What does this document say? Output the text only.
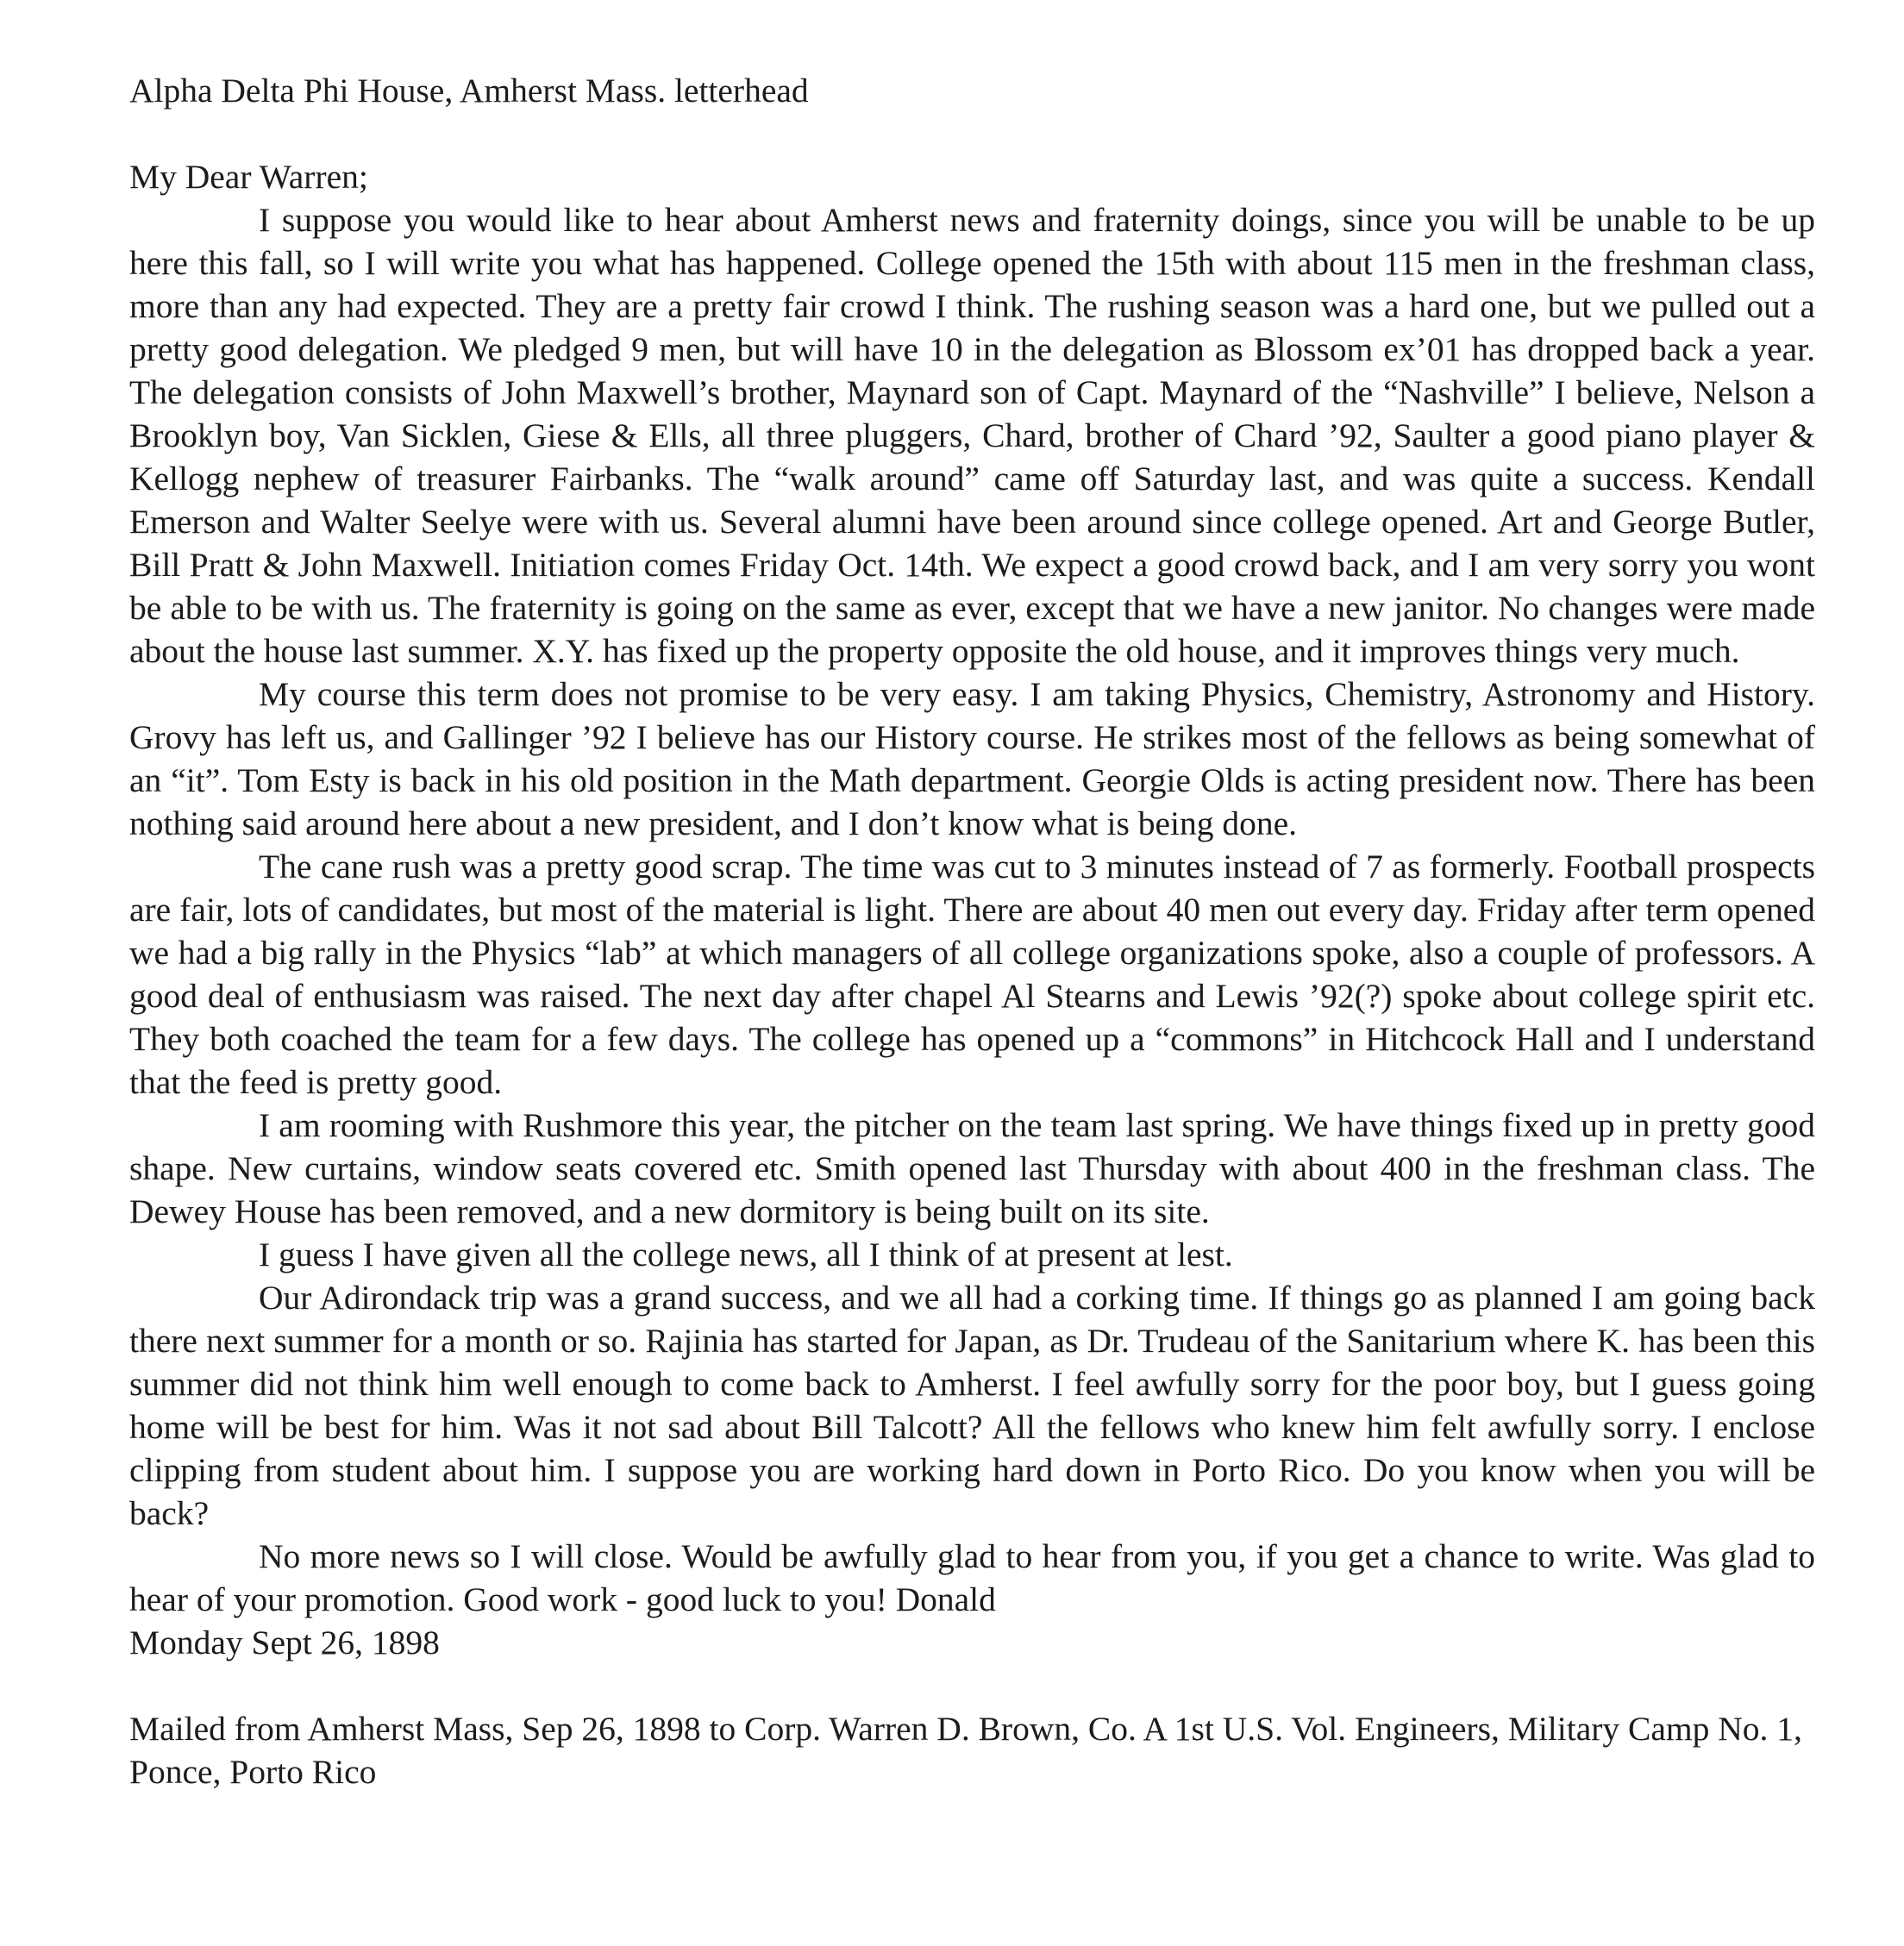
Alpha Delta Phi House, Amherst Mass. letterhead

My Dear Warren;

I suppose you would like to hear about Amherst news and fraternity doings, since you will be unable to be up here this fall, so I will write you what has happened. College opened the 15th with about 115 men in the freshman class, more than any had expected. They are a pretty fair crowd I think. The rushing season was a hard one, but we pulled out a pretty good delegation. We pledged 9 men, but will have 10 in the delegation as Blossom ex’01 has dropped back a year. The delegation consists of John Maxwell’s brother, Maynard son of Capt. Maynard of the “Nashville” I believe, Nelson a Brooklyn boy, Van Sicklen, Giese & Ells, all three pluggers, Chard, brother of Chard ’92, Saulter a good piano player & Kellogg nephew of treasurer Fairbanks. The “walk around” came off Saturday last, and was quite a success. Kendall Emerson and Walter Seelye were with us. Several alumni have been around since college opened. Art and George Butler, Bill Pratt & John Maxwell. Initiation comes Friday Oct. 14th. We expect a good crowd back, and I am very sorry you wont be able to be with us. The fraternity is going on the same as ever, except that we have a new janitor. No changes were made about the house last summer. X.Y. has fixed up the property opposite the old house, and it improves things very much.

My course this term does not promise to be very easy. I am taking Physics, Chemistry, Astronomy and History. Grovy has left us, and Gallinger ’92 I believe has our History course. He strikes most of the fellows as being somewhat of an “it”. Tom Esty is back in his old position in the Math department. Georgie Olds is acting president now. There has been nothing said around here about a new president, and I don’t know what is being done.

The cane rush was a pretty good scrap. The time was cut to 3 minutes instead of 7 as formerly. Football prospects are fair, lots of candidates, but most of the material is light. There are about 40 men out every day. Friday after term opened we had a big rally in the Physics “lab” at which managers of all college organizations spoke, also a couple of professors. A good deal of enthusiasm was raised. The next day after chapel Al Stearns and Lewis ’92(?) spoke about college spirit etc. They both coached the team for a few days. The college has opened up a “commons” in Hitchcock Hall and I understand that the feed is pretty good.

I am rooming with Rushmore this year, the pitcher on the team last spring. We have things fixed up in pretty good shape. New curtains, window seats covered etc. Smith opened last Thursday with about 400 in the freshman class. The Dewey House has been removed, and a new dormitory is being built on its site.

I guess I have given all the college news, all I think of at present at lest.

Our Adirondack trip was a grand success, and we all had a corking time. If things go as planned I am going back there next summer for a month or so. Rajinia has started for Japan, as Dr. Trudeau of the Sanitarium where K. has been this summer did not think him well enough to come back to Amherst. I feel awfully sorry for the poor boy, but I guess going home will be best for him. Was it not sad about Bill Talcott? All the fellows who knew him felt awfully sorry. I enclose clipping from student about him. I suppose you are working hard down in Porto Rico. Do you know when you will be back?

No more news so I will close. Would be awfully glad to hear from you, if you get a chance to write. Was glad to hear of your promotion. Good work - good luck to you! Donald

Monday Sept 26, 1898

Mailed from Amherst Mass, Sep 26, 1898 to Corp. Warren D. Brown, Co. A 1st U.S. Vol. Engineers, Military Camp No. 1, Ponce, Porto Rico
